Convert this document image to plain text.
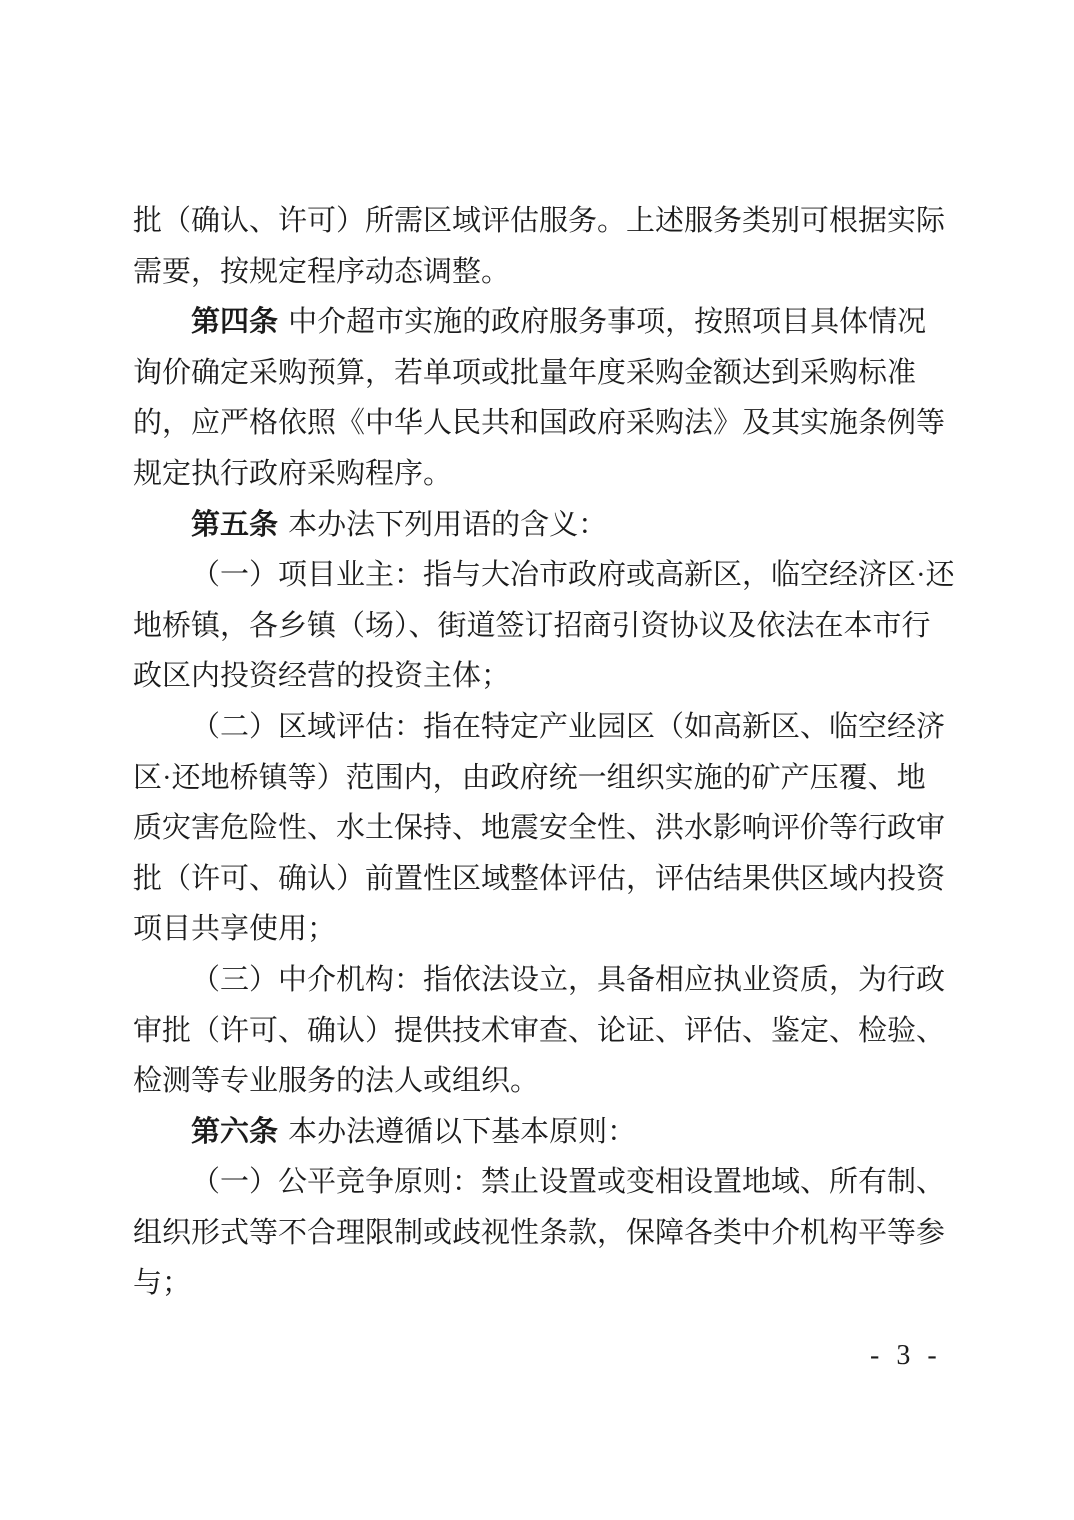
批（确认、许可）所需区域评估服务。上述服务类别可根据实际
需要，按规定程序动态调整。
第四条 中介超市实施的政府服务事项，按照项目具体情况
询价确定采购预算，若单项或批量年度采购金额达到采购标准
的，应严格依照《中华人民共和国政府采购法》及其实施条例等
规定执行政府采购程序。
第五条 本办法下列用语的含义：
（一）项目业主：指与大冶市政府或高新区，临空经济区·还
地桥镇，各乡镇（场）、街道签订招商引资协议及依法在本市行
政区内投资经营的投资主体；
（二）区域评估：指在特定产业园区（如高新区、临空经济
区·还地桥镇等）范围内，由政府统一组织实施的矿产压覆、地
质灾害危险性、水土保持、地震安全性、洪水影响评价等行政审
批（许可、确认）前置性区域整体评估，评估结果供区域内投资
项目共享使用；
（三）中介机构：指依法设立，具备相应执业资质，为行政
审批（许可、确认）提供技术审查、论证、评估、鉴定、检验、
检测等专业服务的法人或组织。
第六条 本办法遵循以下基本原则：
（一）公平竞争原则：禁止设置或变相设置地域、所有制、
组织形式等不合理限制或歧视性条款，保障各类中介机构平等参
与；
- 3 -
